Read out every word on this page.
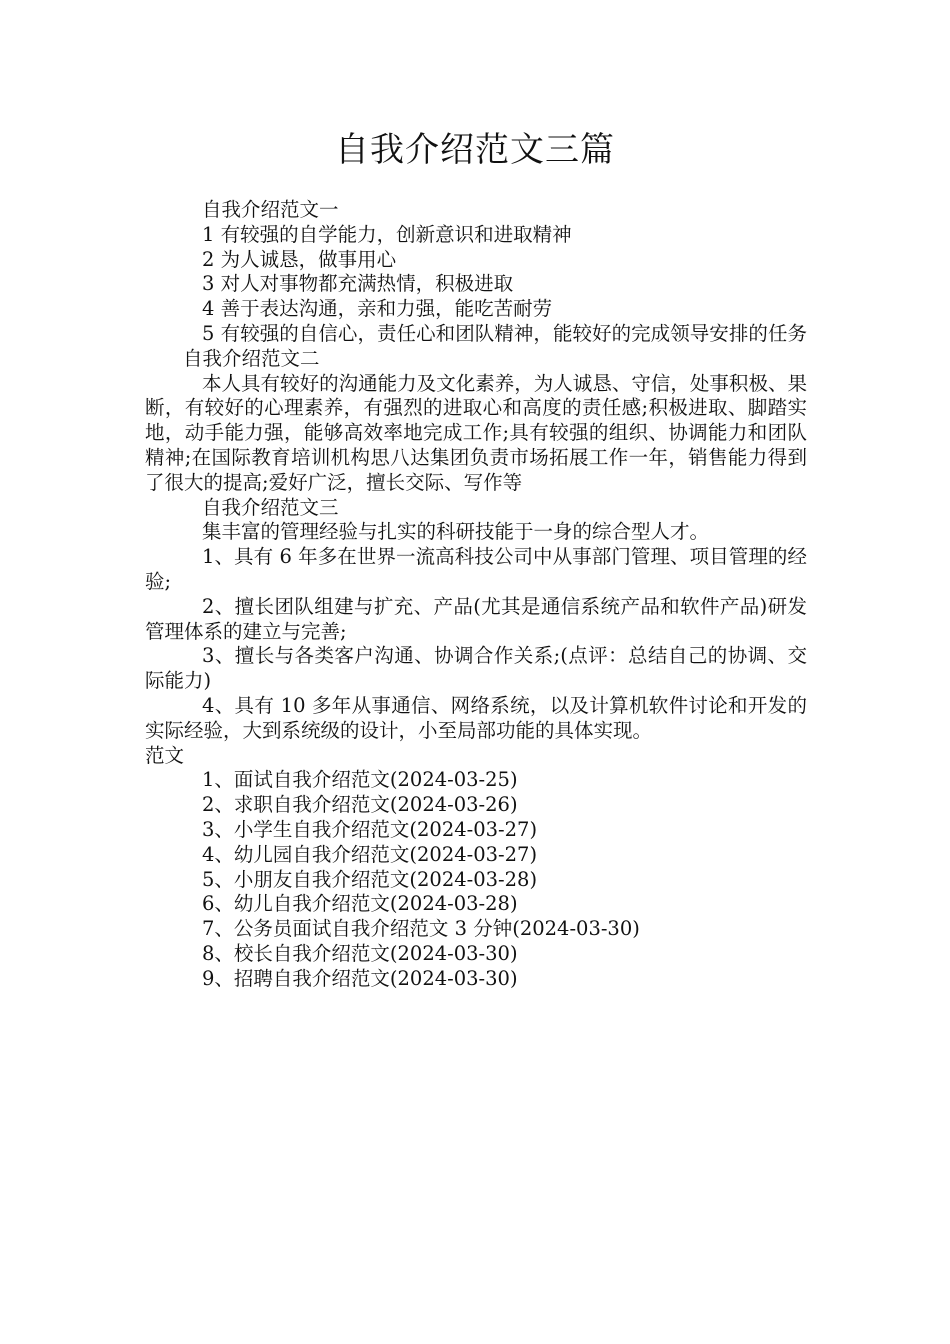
自我介绍范文三篇

自我介绍范文一

1 有较强的自学能力，创新意识和进取精神

2 为人诚恳，做事用心

3 对人对事物都充满热情，积极进取

4 善于表达沟通，亲和力强，能吃苦耐劳

5 有较强的自信心，责任心和团队精神，能较好的完成领导安排的任务自我介绍范文二

本人具有较好的沟通能力及文化素养，为人诚恳、守信，处事积极、果断，有较好的心理素养，有强烈的进取心和高度的责任感;积极进取、脚踏实地，动手能力强，能够高效率地完成工作;具有较强的组织、协调能力和团队精神;在国际教育培训机构思八达集团负责市场拓展工作一年，销售能力得到了很大的提高;爱好广泛，擅长交际、写作等

自我介绍范文三

集丰富的管理经验与扎实的科研技能于一身的综合型人才。

1、具有 6 年多在世界一流高科技公司中从事部门管理、项目管理的经验;

2、擅长团队组建与扩充、产品(尤其是通信系统产品和软件产品)研发管理体系的建立与完善;

3、擅长与各类客户沟通、协调合作关系;(点评：总结自己的协调、交际能力)

4、具有 10 多年从事通信、网络系统，以及计算机软件讨论和开发的实际经验，大到系统级的设计，小至局部功能的具体实现。

范文

1、面试自我介绍范文(2024-03-25)

2、求职自我介绍范文(2024-03-26)

3、小学生自我介绍范文(2024-03-27)

4、幼儿园自我介绍范文(2024-03-27)

5、小朋友自我介绍范文(2024-03-28)

6、幼儿自我介绍范文(2024-03-28)

7、公务员面试自我介绍范文 3 分钟(2024-03-30)

8、校长自我介绍范文(2024-03-30)

9、招聘自我介绍范文(2024-03-30)
